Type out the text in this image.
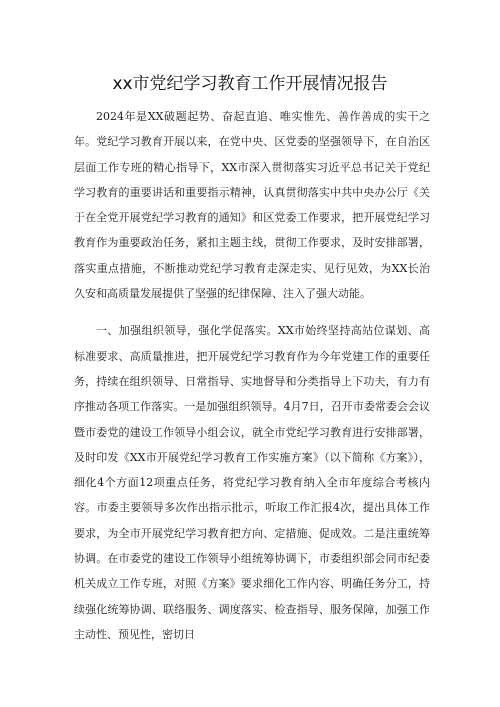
xx市党纪学习教育工作开展情况报告

2024年是XX破题起势、奋起直追、唯实惟先、善作善成的实干之年。党纪学习教育开展以来，在党中央、区党委的坚强领导下，在自治区层面工作专班的精心指导下，XX市深入贯彻落实习近平总书记关于党纪学习教育的重要讲话和重要指示精神，认真贯彻落实中共中央办公厅《关于在全党开展党纪学习教育的通知》和区党委工作要求，把开展党纪学习教育作为重要政治任务，紧扣主题主线，贯彻工作要求，及时安排部署，落实重点措施，不断推动党纪学习教育走深走实、见行见效，为XX长治久安和高质量发展提供了坚强的纪律保障、注入了强大动能。

一、加强组织领导，强化学促落实。XX市始终坚持高站位谋划、高标准要求、高质量推进，把开展党纪学习教育作为今年党建工作的重要任务，持续在组织领导、日常指导、实地督导和分类指导上下功夫，有力有序推动各项工作落实。一是加强组织领导。4月7日，召开市委常委会会议暨市委党的建设工作领导小组会议，就全市党纪学习教育进行安排部署，及时印发《XX市开展党纪学习教育工作实施方案》（以下简称《方案》），细化4个方面12项重点任务，将党纪学习教育纳入全市年度综合考核内容。市委主要领导多次作出指示批示，听取工作汇报4次，提出具体工作要求，为全市开展党纪学习教育把方向、定措施、促成效。二是注重统筹协调。在市委党的建设工作领导小组统筹协调下，市委组织部会同市纪委机关成立工作专班，对照《方案》要求细化工作内容、明确任务分工，持续强化统筹协调、联络服务、调度落实、检查指导、服务保障，加强工作主动性、预见性，密切日
